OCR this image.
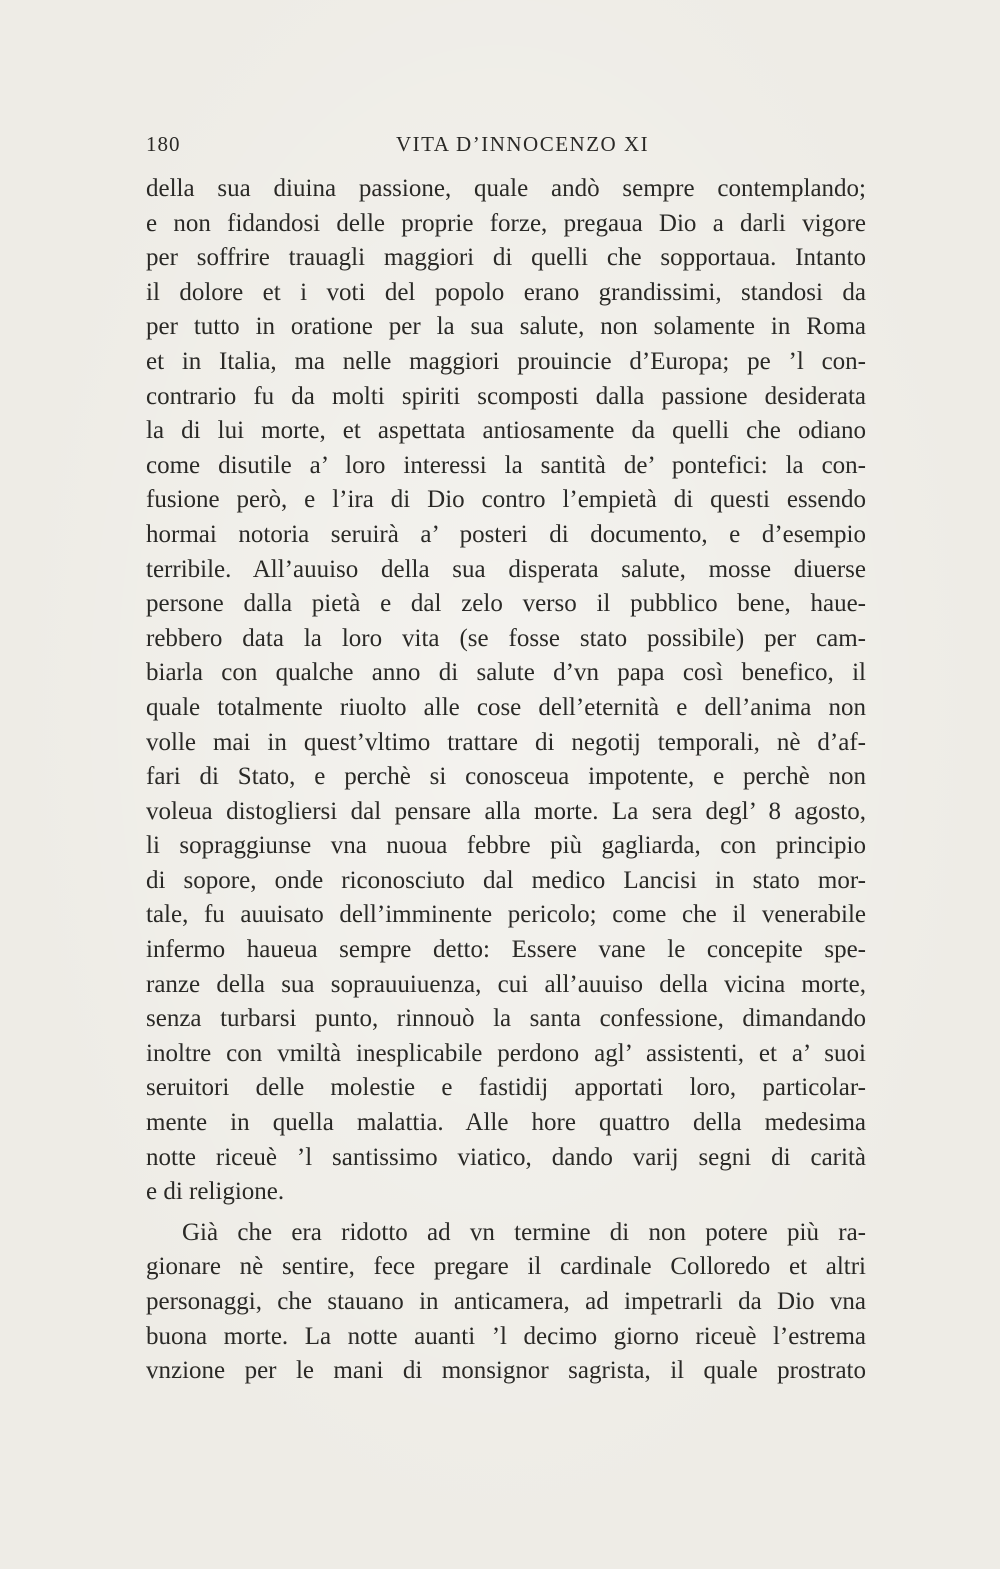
180	VITA D’INNOCENZO XI
della sua diuina passione, quale andò sempre contemplando;
e non fidandosi delle proprie forze, pregaua Dio a darli vigore
per soffrire trauagli maggiori di quelli che sopportaua. Intanto
il dolore et i voti del popolo erano grandissimi, standosi da
per tutto in oratione per la sua salute, non solamente in Roma
et in Italia, ma nelle maggiori prouincie d’Europa; pe ’l con-
contrario fu da molti spiriti scomposti dalla passione desiderata
la di lui morte, et aspettata antiosamente da quelli che odiano
come disutile a’ loro interessi la santità de’ pontefici: la con-
fusione però, e l’ira di Dio contro l’empietà di questi essendo
hormai notoria seruirà a’ posteri di documento, e d’esempio
terribile. All’auuiso della sua disperata salute, mosse diuerse
persone dalla pietà e dal zelo verso il pubblico bene, haue-
rebbero data la loro vita (se fosse stato possibile) per cam-
biarla con qualche anno di salute d’vn papa così benefico, il
quale totalmente riuolto alle cose dell’eternità e dell’anima non
volle mai in quest’vltimo trattare di negotij temporali, nè d’af-
fari di Stato, e perchè si conosceua impotente, e perchè non
voleua distogliersi dal pensare alla morte. La sera degl’ 8 agosto,
li sopraggiunse vna nuoua febbre più gagliarda, con principio
di sopore, onde riconosciuto dal medico Lancisi in stato mor-
tale, fu auuisato dell’imminente pericolo; come che il venerabile
infermo haueua sempre detto: Essere vane le concepite spe-
ranze della sua soprauuiuenza, cui all’auuiso della vicina morte,
senza turbarsi punto, rinnouò la santa confessione, dimandando
inoltre con vmiltà inesplicabile perdono agl’ assistenti, et a’ suoi
seruitori delle molestie e fastidij apportati loro, particolar-
mente in quella malattia. Alle hore quattro della medesima
notte riceuè ’l santissimo viatico, dando varij segni di carità
e di religione.
Già che era ridotto ad vn termine di non potere più ra-
gionare nè sentire, fece pregare il cardinale Colloredo et altri
personaggi, che stauano in anticamera, ad impetrarli da Dio vna
buona morte. La notte auanti ’l decimo giorno riceuè l’estrema
vnzione per le mani di monsignor sagrista, il quale prostrato
